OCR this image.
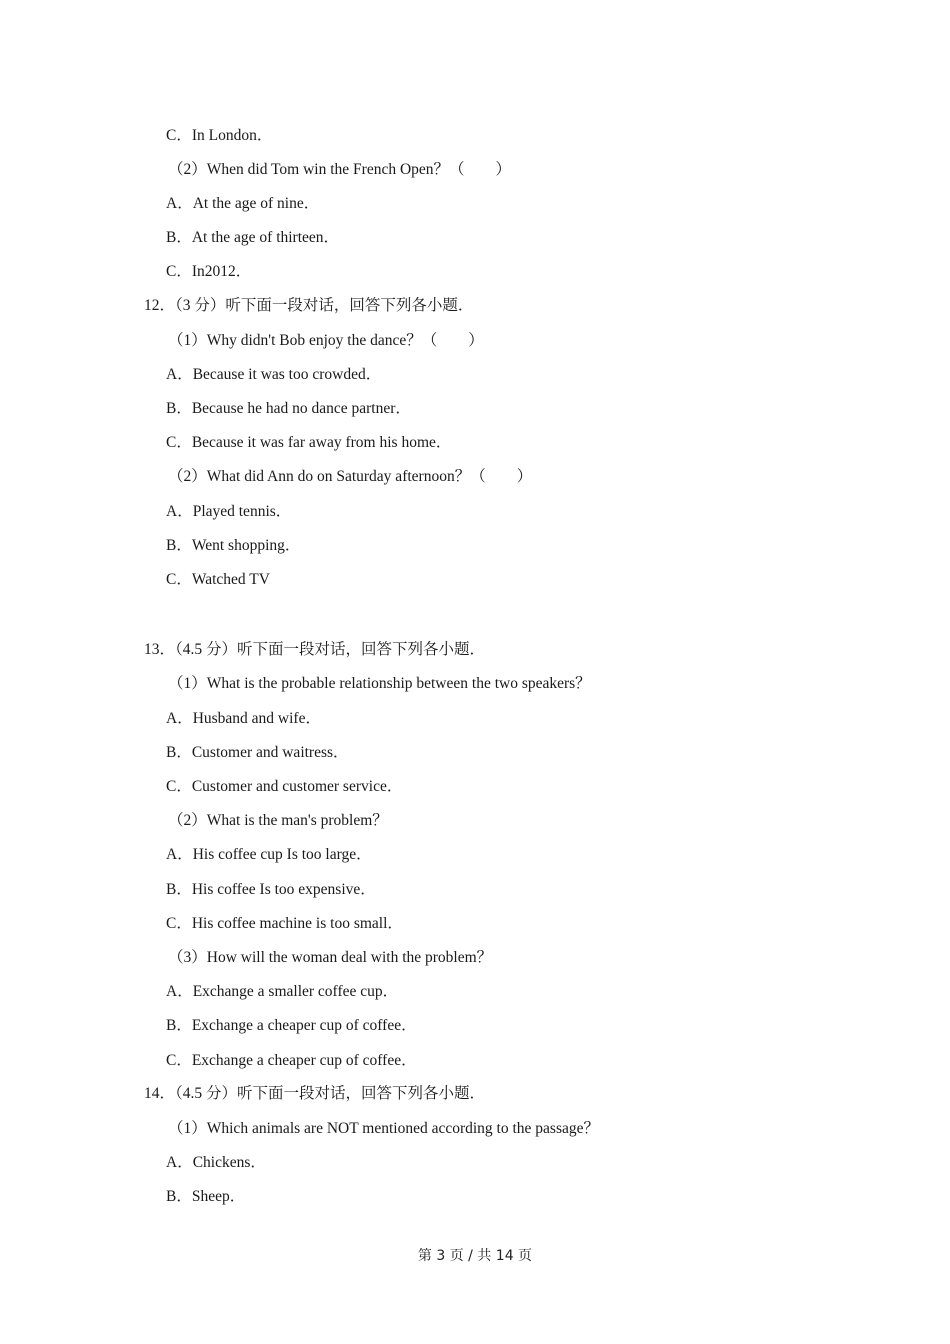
C．In London．
（2）When did Tom win the French Open？（　　）
A．At the age of nine．
B．At the age of thirteen．
C．In2012．
12．（3 分）听下面一段对话，回答下列各小题．
（1）Why didn't Bob enjoy the dance？（　　）
A．Because it was too crowded．
B．Because he had no dance partner．
C．Because it was far away from his home．
（2）What did Ann do on Saturday afternoon？（　　）
A．Played tennis．
B．Went shopping．
C．Watched TV
13．（4.5 分）听下面一段对话，回答下列各小题．
（1）What is the probable relationship between the two speakers？
A．Husband and wife．
B．Customer and waitress．
C．Customer and customer service．
（2）What is the man's problem？
A．His coffee cup Is too large．
B．His coffee Is too expensive．
C．His coffee machine is too small．
（3）How will the woman deal with the problem？
A．Exchange a smaller coffee cup．
B．Exchange a cheaper cup of coffee．
C．Exchange a cheaper cup of coffee．
14．（4.5 分）听下面一段对话，回答下列各小题．
（1）Which animals are NOT mentioned according to the passage？
A．Chickens．
B．Sheep．
第 3 页 / 共 14 页
